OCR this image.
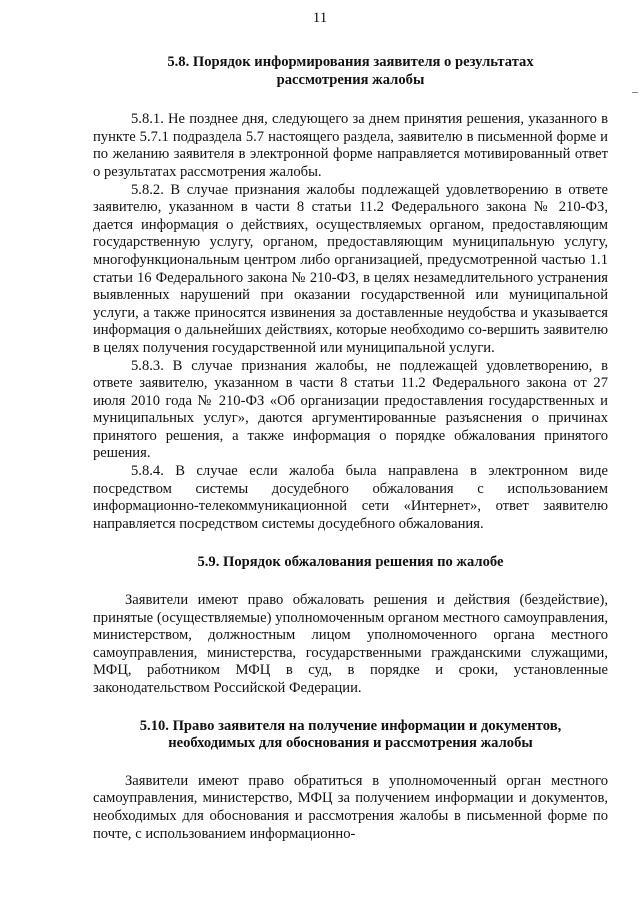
11
5.8. Порядок информирования заявителя о результатах
рассмотрения жалобы

5.8.1. Не позднее дня, следующего за днем принятия решения, указанного в пункте 5.7.1 подраздела 5.7 настоящего раздела, заявителю в письменной форме и по желанию заявителя в электронной форме направляется мотивированный ответ о результатах рассмотрения жалобы.

5.8.2. В случае признания жалобы подлежащей удовлетворению в ответе заявителю, указанном в части 8 статьи 11.2 Федерального закона № 210-ФЗ, дается информация о действиях, осуществляемых органом, предоставляющим государственную услугу, органом, предоставляющим муниципальную услугу, многофункциональным центром либо организацией, предусмотренной частью 1.1 статьи 16 Федерального закона № 210-ФЗ, в целях незамедлительного устранения выявленных нарушений при оказании государственной или муниципальной услуги, а также приносятся извинения за доставленные неудобства и указывается информация о дальнейших действиях, которые необходимо со-вершить заявителю в целях получения государственной или муниципальной услуги.

5.8.3. В случае признания жалобы, не подлежащей удовлетворению, в ответе заявителю, указанном в части 8 статьи 11.2 Федерального закона от 27 июля 2010 года № 210-ФЗ «Об организации предоставления государственных и муниципальных услуг», даются аргументированные разъяснения о причинах принятого решения, а также информация о порядке обжалования принятого решения.

5.8.4. В случае если жалоба была направлена в электронном виде посредством системы досудебного обжалования с использованием информационно-телекоммуникационной сети «Интернет», ответ заявителю направляется посредством системы досудебного обжалования.

5.9. Порядок обжалования решения по жалобе

Заявители имеют право обжаловать решения и действия (бездействие), принятые (осуществляемые) уполномоченным органом местного самоуправления, министерством, должностным лицом уполномоченного органа местного самоуправления, министерства, государственными гражданскими служащими, МФЦ, работником МФЦ в суд, в порядке и сроки, установленные законодательством Российской Федерации.

5.10. Право заявителя на получение информации и документов,
необходимых для обоснования и рассмотрения жалобы

Заявители имеют право обратиться в уполномоченный орган местного самоуправления, министерство, МФЦ за получением информации и документов, необходимых для обоснования и рассмотрения жалобы в письменной форме по почте, с использованием информационно-
